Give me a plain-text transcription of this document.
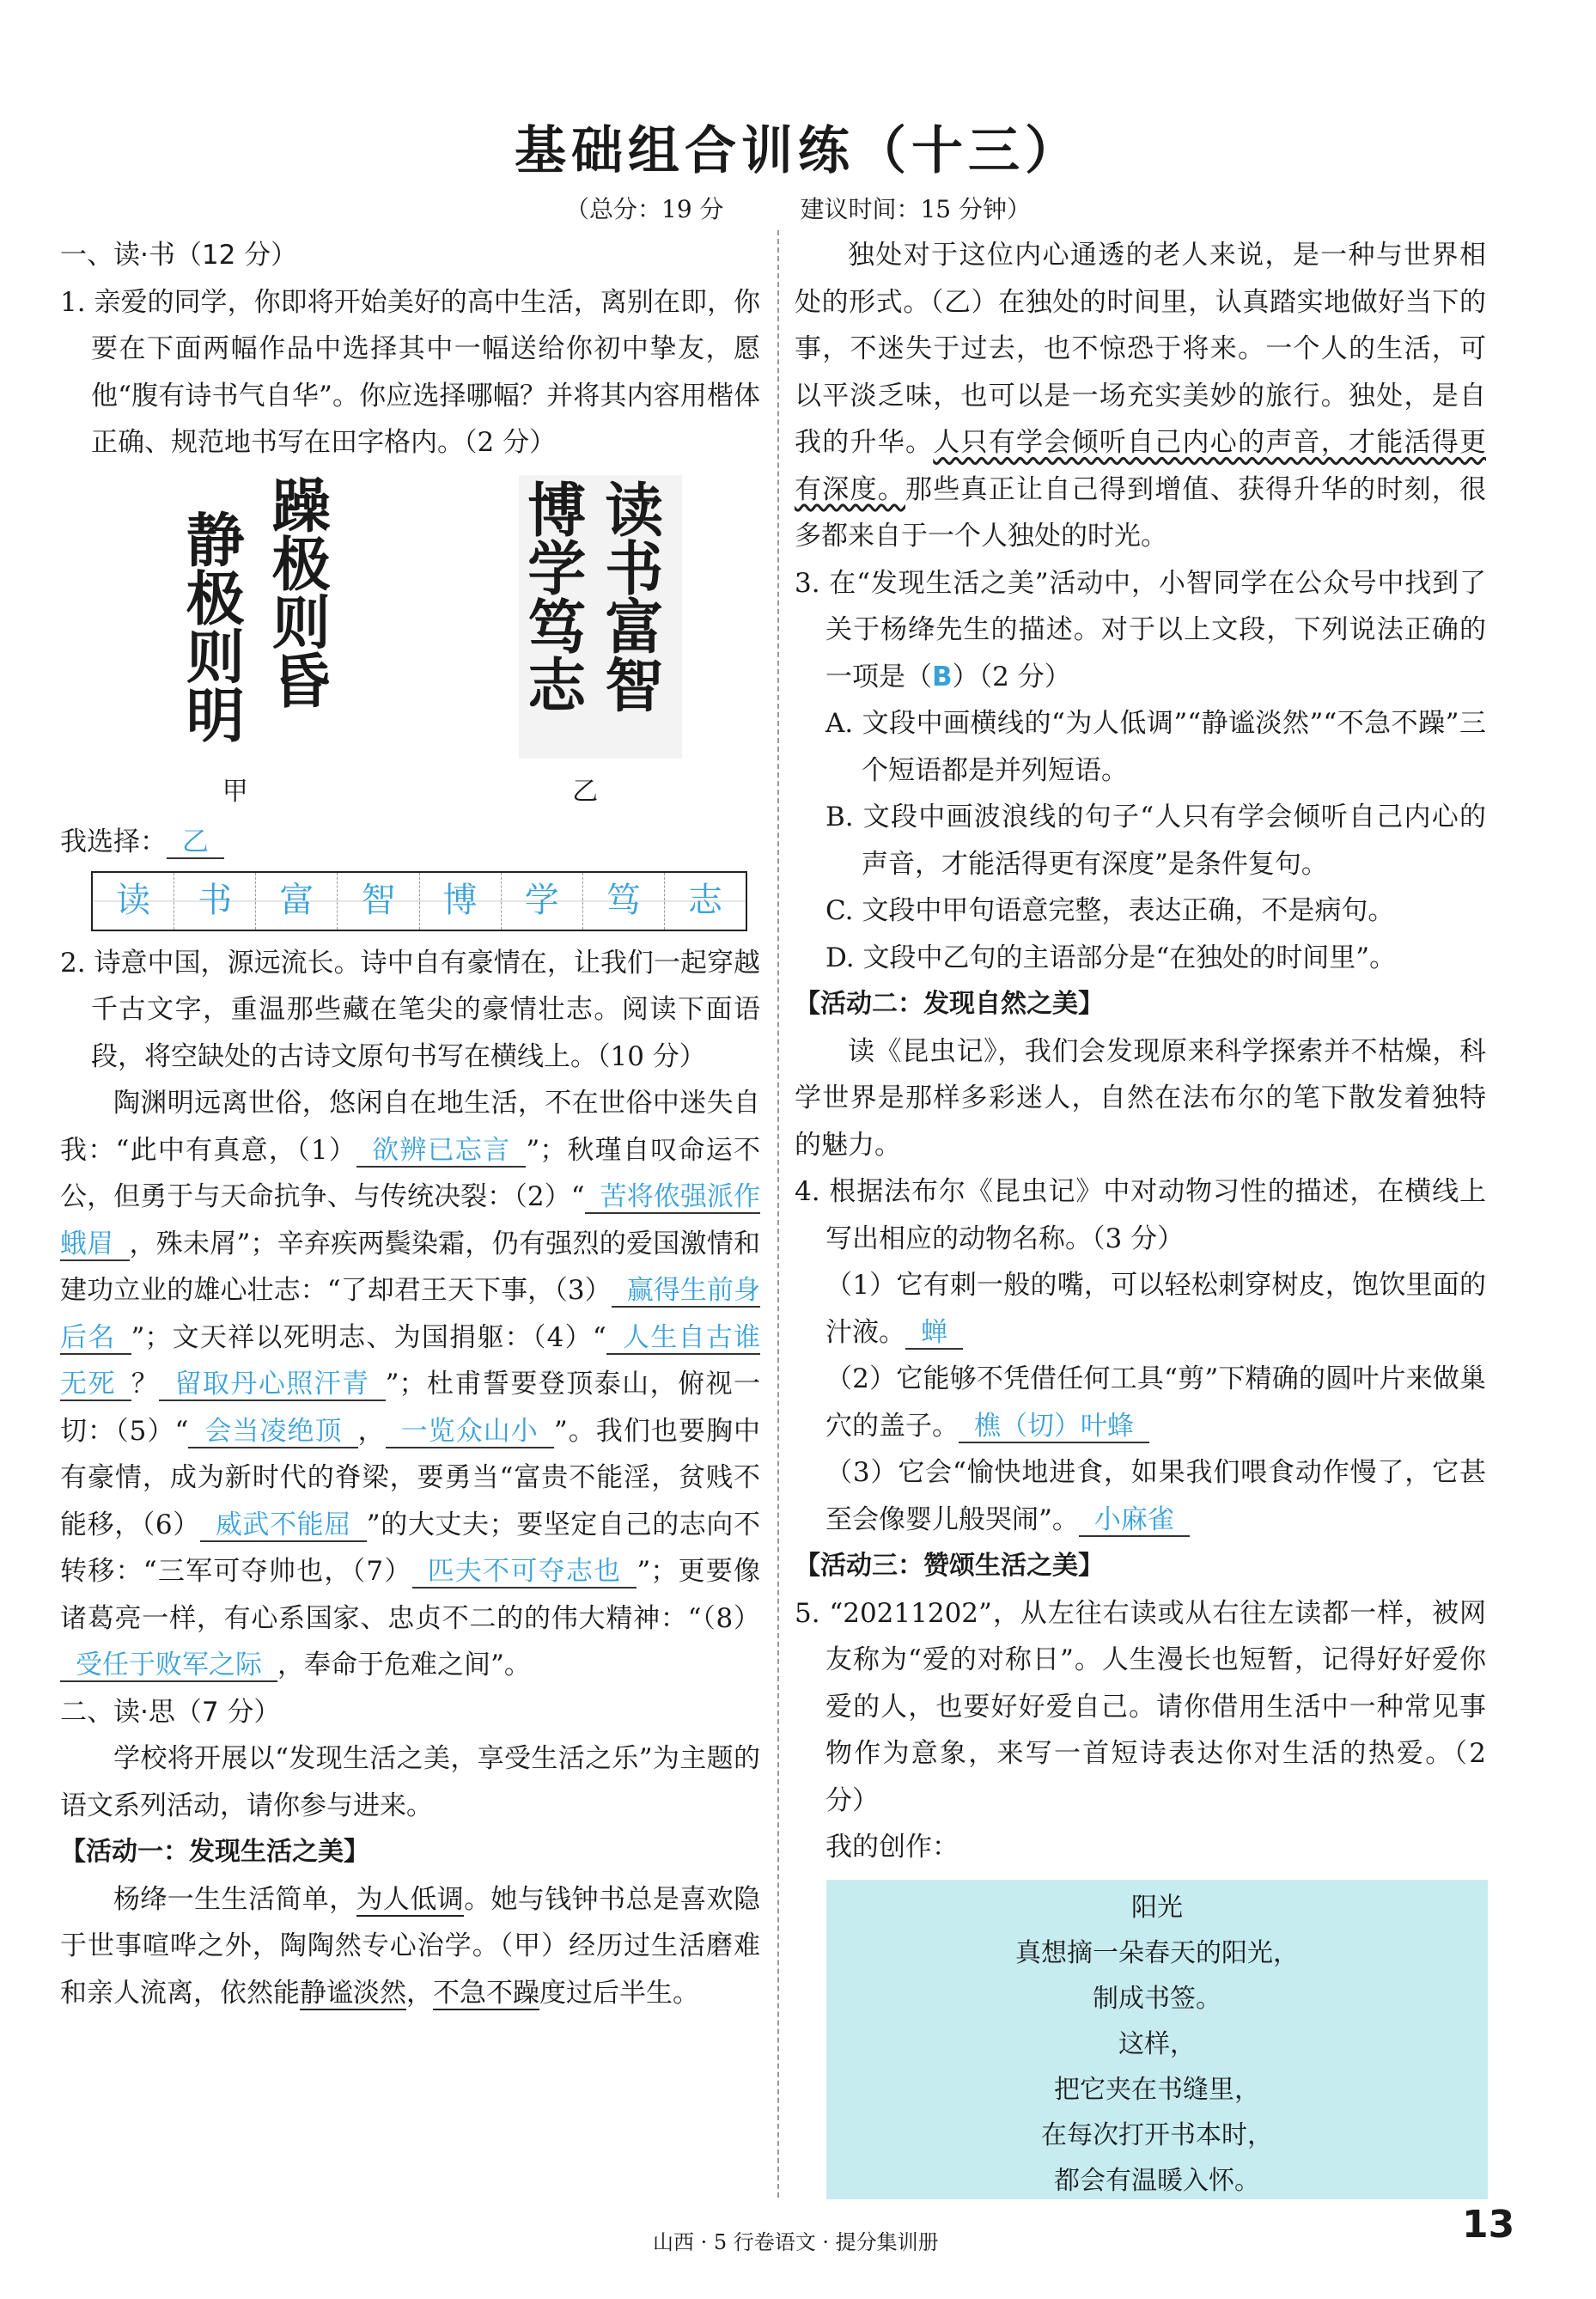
基础组合训练（十三）
（总分：19 分	建议时间：15 分钟）

一、读·书（12 分）

1. 亲爱的同学，你即将开始美好的高中生活，离别在即，你要在下面两幅作品中选择其中一幅送给你初中挚友，愿他“腹有诗书气自华”。你应选择哪幅？并将其内容用楷体正确、规范地书写在田字格内。（2 分）

躁极则昏
静极则明	读书富智
博学笃志
甲	乙

我选择： 乙

读	书	富	智	博	学	笃	志

2. 诗意中国，源远流长。诗中自有豪情在，让我们一起穿越千古文字，重温那些藏在笔尖的豪情壮志。阅读下面语段，将空缺处的古诗文原句书写在横线上。（10 分）

陶渊明远离世俗，悠闲自在地生活，不在世俗中迷失自我：“此中有真意，（1） 欲辨已忘言 ”；秋瑾自叹命运不公，但勇于与天命抗争、与传统决裂：（2）“ 苦将侬强派作蛾眉 ，殊未屑”；辛弃疾两鬓染霜，仍有强烈的爱国激情和建功立业的雄心壮志：“了却君王天下事，（3） 赢得生前身后名 ”；文天祥以死明志、为国捐躯：（4）“ 人生自古谁无死 ？ 留取丹心照汗青 ”；杜甫誓要登顶泰山，俯视一切：（5）“ 会当凌绝顶 ， 一览众山小 ”。我们也要胸中有豪情，成为新时代的脊梁，要勇当“富贵不能淫，贫贱不能移，（6） 威武不能屈 ”的大丈夫；要坚定自己的志向不转移：“三军可夺帅也，（7） 匹夫不可夺志也 ”；更要像诸葛亮一样，有心系国家、忠贞不二的的伟大精神：“（8）受任于败军之际 ，奉命于危难之间”。

二、读·思（7 分）

学校将开展以“发现生活之美，享受生活之乐”为主题的语文系列活动，请你参与进来。

【活动一：发现生活之美】

杨绛一生生活简单，为人低调。她与钱钟书总是喜欢隐于世事喧哗之外，陶陶然专心治学。（甲）经历过生活磨难和亲人流离，依然能静谧淡然，不急不躁度过后半生。

独处对于这位内心通透的老人来说，是一种与世界相处的形式。（乙）在独处的时间里，认真踏实地做好当下的事，不迷失于过去，也不惊恐于将来。一个人的生活，可以平淡乏味，也可以是一场充实美妙的旅行。独处，是自我的升华。人只有学会倾听自己内心的声音，才能活得更有深度。那些真正让自己得到增值、获得升华的时刻，很多都来自于一个人独处的时光。

3. 在“发现生活之美”活动中，小智同学在公众号中找到了关于杨绛先生的描述。对于以上文段，下列说法正确的一项是（B）（2 分）

A. 文段中画横线的“为人低调”“静谧淡然”“不急不躁”三个短语都是并列短语。

B. 文段中画波浪线的句子“人只有学会倾听自己内心的声音，才能活得更有深度”是条件复句。

C. 文段中甲句语意完整，表达正确，不是病句。

D. 文段中乙句的主语部分是“在独处的时间里”。

【活动二：发现自然之美】

读《昆虫记》，我们会发现原来科学探索并不枯燥，科学世界是那样多彩迷人，自然在法布尔的笔下散发着独特的魅力。

4. 根据法布尔《昆虫记》中对动物习性的描述，在横线上写出相应的动物名称。（3 分）

（1）它有刺一般的嘴，可以轻松刺穿树皮，饱饮里面的汁液。 蝉

（2）它能够不凭借任何工具“剪”下精确的圆叶片来做巢穴的盖子。 樵（切）叶蜂

（3）它会“愉快地进食，如果我们喂食动作慢了，它甚至会像婴儿般哭闹”。 小麻雀

【活动三：赞颂生活之美】

5. “20211202”，从左往右读或从右往左读都一样，被网友称为“爱的对称日”。人生漫长也短暂，记得好好爱你爱的人，也要好好爱自己。请你借用生活中一种常见事物作为意象，来写一首短诗表达你对生活的热爱。（2 分）

我的创作：

阳光
真想摘一朵春天的阳光，
制成书签。
这样，
把它夹在书缝里，
在每次打开书本时，
都会有温暖入怀。
山西 · 5 行卷语文 · 提分集训册	13
